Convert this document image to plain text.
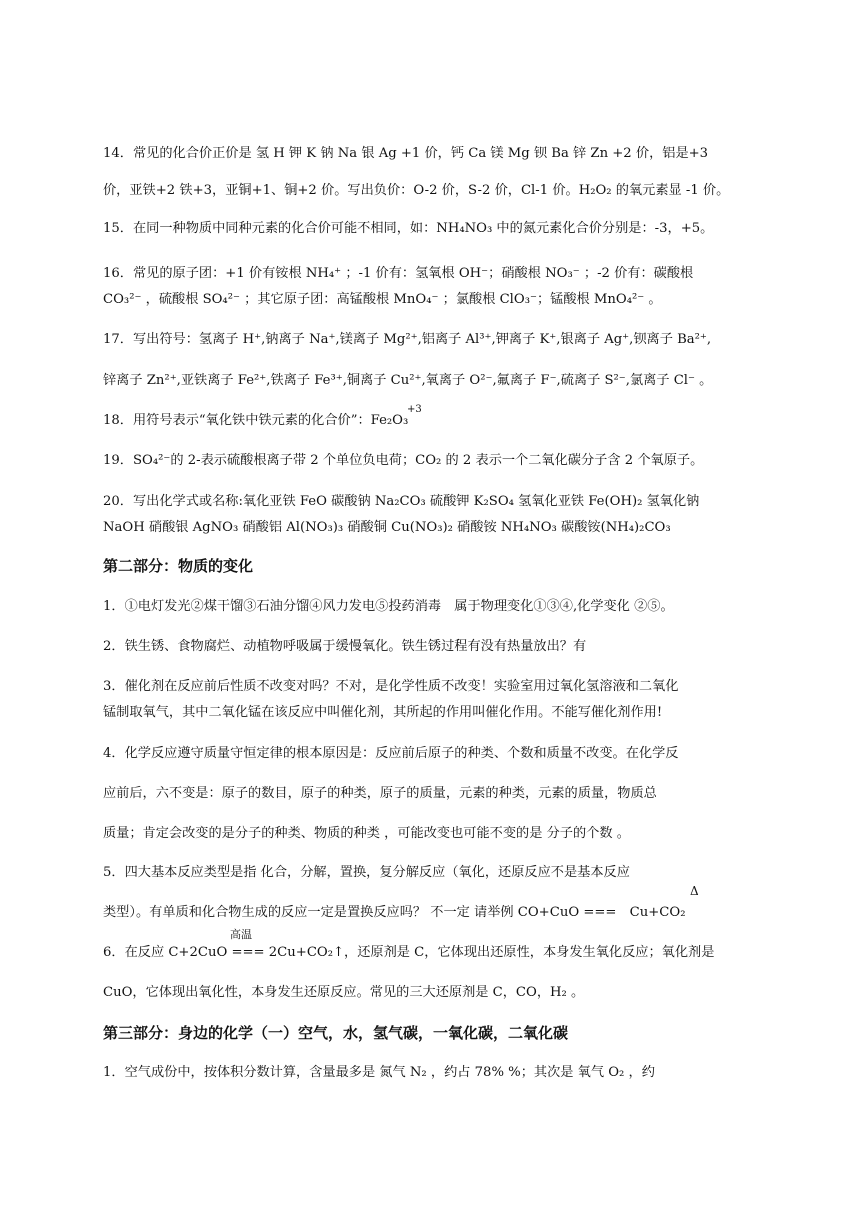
14．常见的化合价正价是 氢 H 钾 K 钠 Na 银 Ag +1 价，钙 Ca 镁 Mg 钡 Ba 锌 Zn +2 价，铝是+3
价，亚铁+2 铁+3，亚铜+1、铜+2 价。写出负价：O-2 价，S-2 价，Cl-1 价。H₂O₂ 的氧元素显 -1 价。
15．在同一种物质中同种元素的化合价可能不相同，如：NH₄NO₃ 中的氮元素化合价分别是：-3，+5。
16．常见的原子团：+1 价有铵根 NH₄⁺ ；-1 价有：氢氧根 OH⁻；硝酸根 NO₃⁻ ；-2 价有：碳酸根
CO₃²⁻ ，硫酸根 SO₄²⁻ ；其它原子团：高锰酸根 MnO₄⁻ ；氯酸根 ClO₃⁻；锰酸根 MnO₄²⁻ 。
17．写出符号：氢离子 H⁺,钠离子 Na⁺,镁离子 Mg²⁺,铝离子 Al³⁺,钾离子 K⁺,银离子 Ag⁺,钡离子 Ba²⁺,
锌离子 Zn²⁺,亚铁离子 Fe²⁺,铁离子 Fe³⁺,铜离子 Cu²⁺,氧离子 O²⁻,氟离子 F⁻,硫离子 S²⁻,氯离子 Cl⁻ 。
+3
18．用符号表示“氧化铁中铁元素的化合价”：Fe₂O₃
19．SO₄²⁻的 2-表示硫酸根离子带 2 个单位负电荷；CO₂ 的 2 表示一个二氧化碳分子含 2 个氧原子。
20．写出化学式或名称:氧化亚铁 FeO 碳酸钠 Na₂CO₃ 硫酸钾 K₂SO₄ 氢氧化亚铁 Fe(OH)₂ 氢氧化钠
NaOH 硝酸银 AgNO₃ 硝酸铝 Al(NO₃)₃ 硝酸铜 Cu(NO₃)₂ 硝酸铵 NH₄NO₃ 碳酸铵(NH₄)₂CO₃
第二部分：物质的变化
1．①电灯发光②煤干馏③石油分馏④风力发电⑤投药消毒　属于物理变化①③④,化学变化 ②⑤。
2．铁生锈、食物腐烂、动植物呼吸属于缓慢氧化。铁生锈过程有没有热量放出？有
3．催化剂在反应前后性质不改变对吗？不对，是化学性质不改变！实验室用过氧化氢溶液和二氧化
锰制取氧气，其中二氧化锰在该反应中叫催化剂，其所起的作用叫催化作用。不能写催化剂作用!
4．化学反应遵守质量守恒定律的根本原因是：反应前后原子的种类、个数和质量不改变。在化学反
应前后，六不变是：原子的数目，原子的种类，原子的质量，元素的种类，元素的质量，物质总
质量；肯定会改变的是分子的种类、物质的种类 ，可能改变也可能不变的是 分子的个数 。
5．四大基本反应类型是指 化合，分解，置换，复分解反应（氧化，还原反应不是基本反应
Δ
类型）。有单质和化合物生成的反应一定是置换反应吗？ 不一定 请举例 CO+CuO ===　Cu+CO₂
高温
6．在反应 C+2CuO === 2Cu+CO₂↑，还原剂是 C，它体现出还原性，本身发生氧化反应；氧化剂是
CuO，它体现出氧化性，本身发生还原反应。常见的三大还原剂是 C，CO，H₂ 。
第三部分：身边的化学（一）空气，水，氢气碳，一氧化碳，二氧化碳
1．空气成份中，按体积分数计算，含量最多是 氮气 N₂ ，约占 78% %；其次是 氧气 O₂ ，约
